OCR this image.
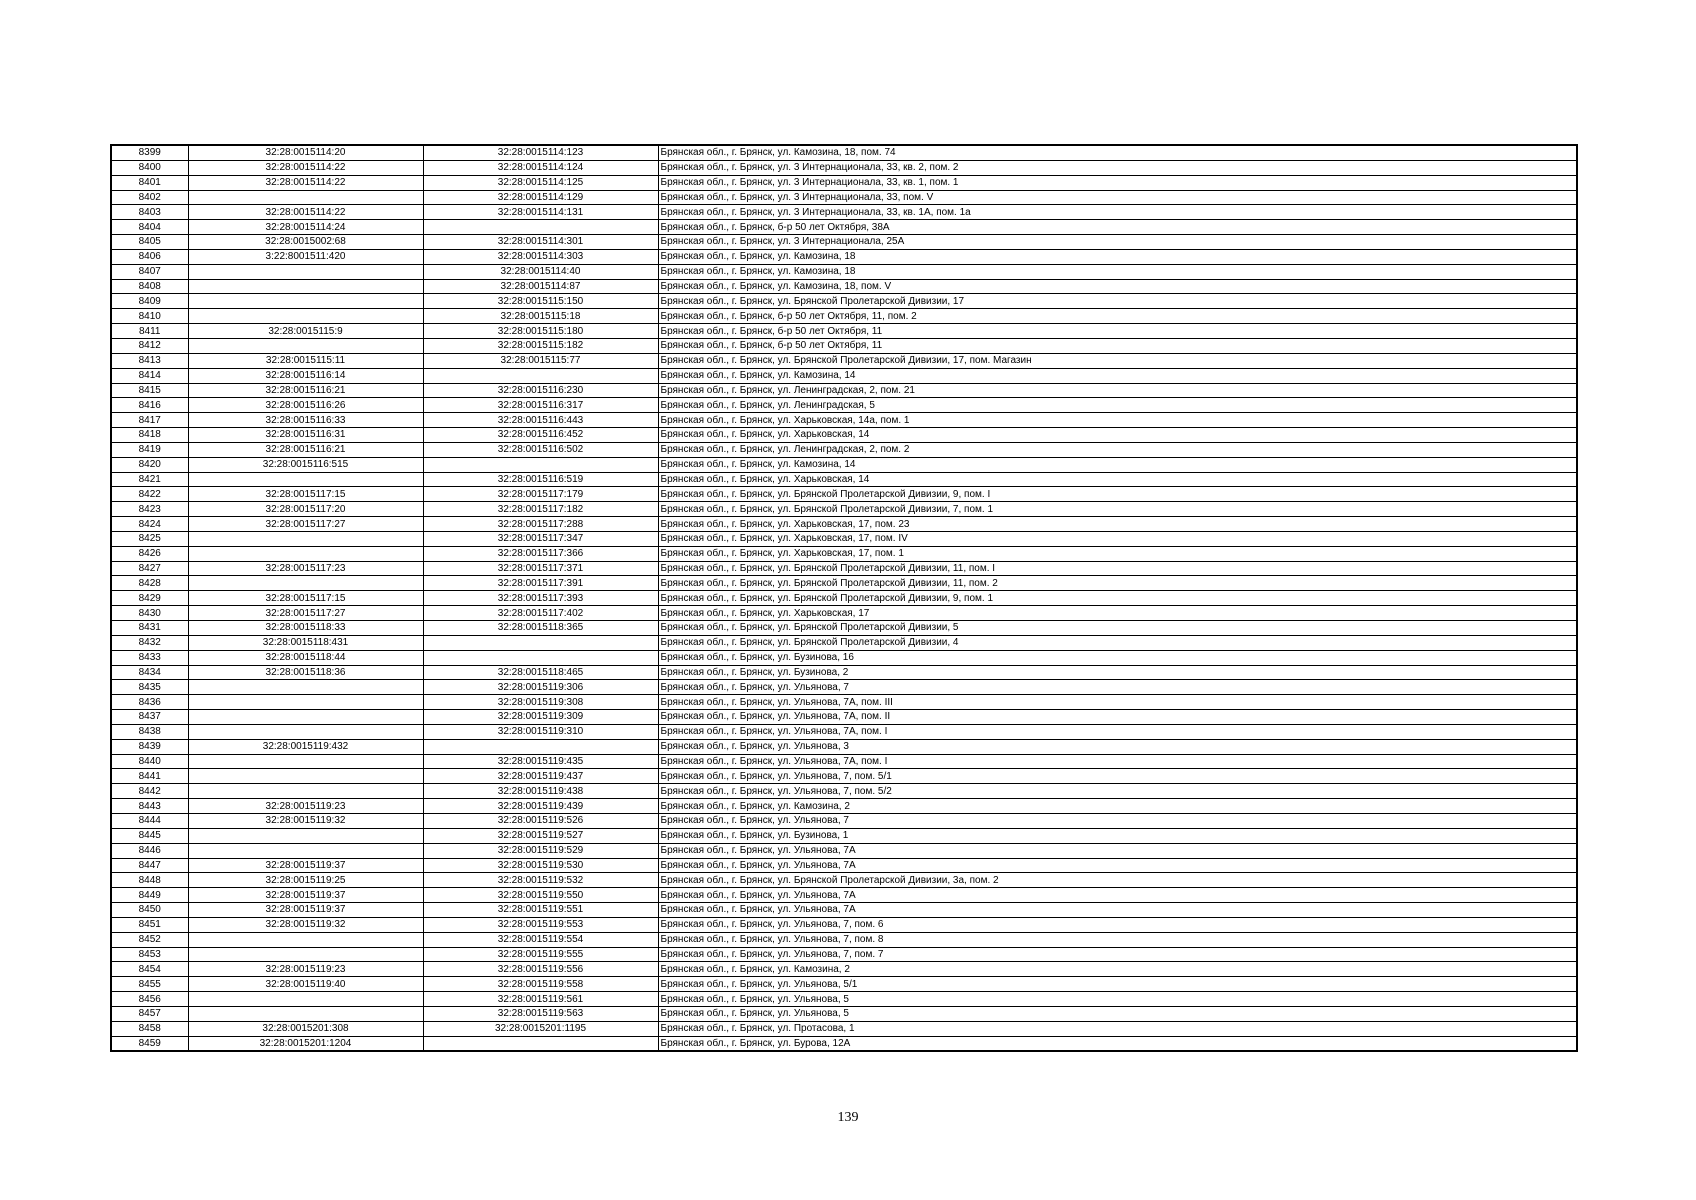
8399	32:28:0015114:20	32:28:0015114:123	Брянская обл., г. Брянск, ул. Камозина, 18, пом. 74
8400	32:28:0015114:22	32:28:0015114:124	Брянская обл., г. Брянск, ул. 3 Интернационала, 33, кв. 2, пом. 2
8401	32:28:0015114:22	32:28:0015114:125	Брянская обл., г. Брянск, ул. 3 Интернационала, 33, кв. 1, пом. 1
8402		32:28:0015114:129	Брянская обл., г. Брянск, ул. 3 Интернационала, 33, пом. V
8403	32:28:0015114:22	32:28:0015114:131	Брянская обл., г. Брянск, ул. 3 Интернационала, 33, кв. 1А, пом. 1а
8404	32:28:0015114:24		Брянская обл., г. Брянск, б-р 50 лет Октября, 38А
8405	32:28:0015002:68	32:28:0015114:301	Брянская обл., г. Брянск, ул. 3 Интернационала, 25А
8406	3:22:8001511:420	32:28:0015114:303	Брянская обл., г. Брянск, ул. Камозина, 18
8407		32:28:0015114:40	Брянская обл., г. Брянск, ул. Камозина, 18
8408		32:28:0015114:87	Брянская обл., г. Брянск, ул. Камозина, 18, пом. V
8409		32:28:0015115:150	Брянская обл., г. Брянск, ул. Брянской Пролетарской Дивизии, 17
8410		32:28:0015115:18	Брянская обл., г. Брянск, б-р 50 лет Октября, 11, пом. 2
8411	32:28:0015115:9	32:28:0015115:180	Брянская обл., г. Брянск, б-р 50 лет Октября, 11
8412		32:28:0015115:182	Брянская обл., г. Брянск, б-р 50 лет Октября, 11
8413	32:28:0015115:11	32:28:0015115:77	Брянская обл., г. Брянск, ул. Брянской Пролетарской Дивизии, 17, пом. Магазин
8414	32:28:0015116:14		Брянская обл., г. Брянск, ул. Камозина, 14
8415	32:28:0015116:21	32:28:0015116:230	Брянская обл., г. Брянск, ул. Ленинградская, 2, пом. 21
8416	32:28:0015116:26	32:28:0015116:317	Брянская обл., г. Брянск, ул. Ленинградская, 5
8417	32:28:0015116:33	32:28:0015116:443	Брянская обл., г. Брянск, ул. Харьковская, 14а, пом. 1
8418	32:28:0015116:31	32:28:0015116:452	Брянская обл., г. Брянск, ул. Харьковская, 14
8419	32:28:0015116:21	32:28:0015116:502	Брянская обл., г. Брянск, ул. Ленинградская, 2, пом. 2
8420	32:28:0015116:515		Брянская обл., г. Брянск, ул. Камозина, 14
8421		32:28:0015116:519	Брянская обл., г. Брянск, ул. Харьковская, 14
8422	32:28:0015117:15	32:28:0015117:179	Брянская обл., г. Брянск, ул. Брянской Пролетарской Дивизии, 9, пом. I
8423	32:28:0015117:20	32:28:0015117:182	Брянская обл., г. Брянск, ул. Брянской Пролетарской Дивизии, 7, пом. 1
8424	32:28:0015117:27	32:28:0015117:288	Брянская обл., г. Брянск, ул. Харьковская, 17, пом. 23
8425		32:28:0015117:347	Брянская обл., г. Брянск, ул. Харьковская, 17, пом. IV
8426		32:28:0015117:366	Брянская обл., г. Брянск, ул. Харьковская, 17, пом. 1
8427	32:28:0015117:23	32:28:0015117:371	Брянская обл., г. Брянск, ул. Брянской Пролетарской Дивизии, 11, пом. I
8428		32:28:0015117:391	Брянская обл., г. Брянск, ул. Брянской Пролетарской Дивизии, 11, пом. 2
8429	32:28:0015117:15	32:28:0015117:393	Брянская обл., г. Брянск, ул. Брянской Пролетарской Дивизии, 9, пом. 1
8430	32:28:0015117:27	32:28:0015117:402	Брянская обл., г. Брянск, ул. Харьковская, 17
8431	32:28:0015118:33	32:28:0015118:365	Брянская обл., г. Брянск, ул. Брянской Пролетарской Дивизии, 5
8432	32:28:0015118:431		Брянская обл., г. Брянск, ул. Брянской Пролетарской Дивизии, 4
8433	32:28:0015118:44		Брянская обл., г. Брянск, ул. Бузинова, 16
8434	32:28:0015118:36	32:28:0015118:465	Брянская обл., г. Брянск, ул. Бузинова, 2
8435		32:28:0015119:306	Брянская обл., г. Брянск, ул. Ульянова, 7
8436		32:28:0015119:308	Брянская обл., г. Брянск, ул. Ульянова, 7А, пом. III
8437		32:28:0015119:309	Брянская обл., г. Брянск, ул. Ульянова, 7А, пом. II
8438		32:28:0015119:310	Брянская обл., г. Брянск, ул. Ульянова, 7А, пом. I
8439	32:28:0015119:432		Брянская обл., г. Брянск, ул. Ульянова, 3
8440		32:28:0015119:435	Брянская обл., г. Брянск, ул. Ульянова, 7А, пом. I
8441		32:28:0015119:437	Брянская обл., г. Брянск, ул. Ульянова, 7, пом. 5/1
8442		32:28:0015119:438	Брянская обл., г. Брянск, ул. Ульянова, 7, пом. 5/2
8443	32:28:0015119:23	32:28:0015119:439	Брянская обл., г. Брянск, ул. Камозина, 2
8444	32:28:0015119:32	32:28:0015119:526	Брянская обл., г. Брянск, ул. Ульянова, 7
8445		32:28:0015119:527	Брянская обл., г. Брянск, ул. Бузинова, 1
8446		32:28:0015119:529	Брянская обл., г. Брянск, ул. Ульянова, 7А
8447	32:28:0015119:37	32:28:0015119:530	Брянская обл., г. Брянск, ул. Ульянова, 7А
8448	32:28:0015119:25	32:28:0015119:532	Брянская обл., г. Брянск, ул. Брянской Пролетарской Дивизии, 3а, пом. 2
8449	32:28:0015119:37	32:28:0015119:550	Брянская обл., г. Брянск, ул. Ульянова, 7А
8450	32:28:0015119:37	32:28:0015119:551	Брянская обл., г. Брянск, ул. Ульянова, 7А
8451	32:28:0015119:32	32:28:0015119:553	Брянская обл., г. Брянск, ул. Ульянова, 7, пом. 6
8452		32:28:0015119:554	Брянская обл., г. Брянск, ул. Ульянова, 7, пом. 8
8453		32:28:0015119:555	Брянская обл., г. Брянск, ул. Ульянова, 7, пом. 7
8454	32:28:0015119:23	32:28:0015119:556	Брянская обл., г. Брянск, ул. Камозина, 2
8455	32:28:0015119:40	32:28:0015119:558	Брянская обл., г. Брянск, ул. Ульянова, 5/1
8456		32:28:0015119:561	Брянская обл., г. Брянск, ул. Ульянова, 5
8457		32:28:0015119:563	Брянская обл., г. Брянск, ул. Ульянова, 5
8458	32:28:0015201:308	32:28:0015201:1195	Брянская обл., г. Брянск, ул. Протасова, 1
8459	32:28:0015201:1204		Брянская обл., г. Брянск, ул. Бурова, 12А
139
